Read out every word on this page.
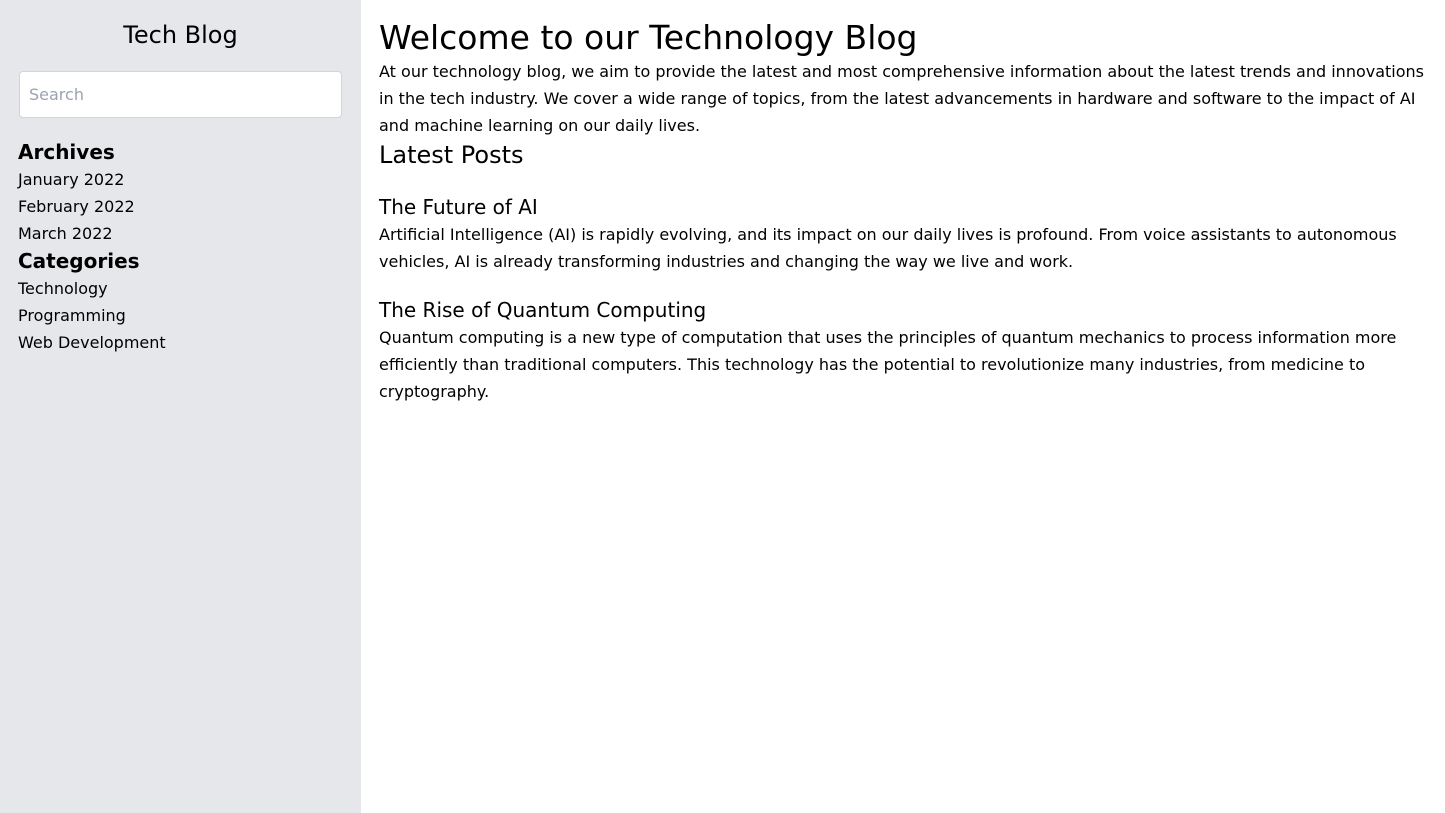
Tech Blog
Search
Archives
January 2022
February 2022
March 2022
Categories
Technology
Programming
Web Development
Welcome to our Technology Blog

At our technology blog, we aim to provide the latest and most comprehensive information about the latest trends and innovations in the tech industry. We cover a wide range of topics, from the latest advancements in hardware and software to the impact of AI and machine learning on our daily lives.

Latest Posts
The Future of AI

Artificial Intelligence (AI) is rapidly evolving, and its impact on our daily lives is profound. From voice assistants to autonomous vehicles, AI is already transforming industries and changing the way we live and work.

The Rise of Quantum Computing

Quantum computing is a new type of computation that uses the principles of quantum mechanics to process information more efficiently than traditional computers. This technology has the potential to revolutionize many industries, from medicine to cryptography.
